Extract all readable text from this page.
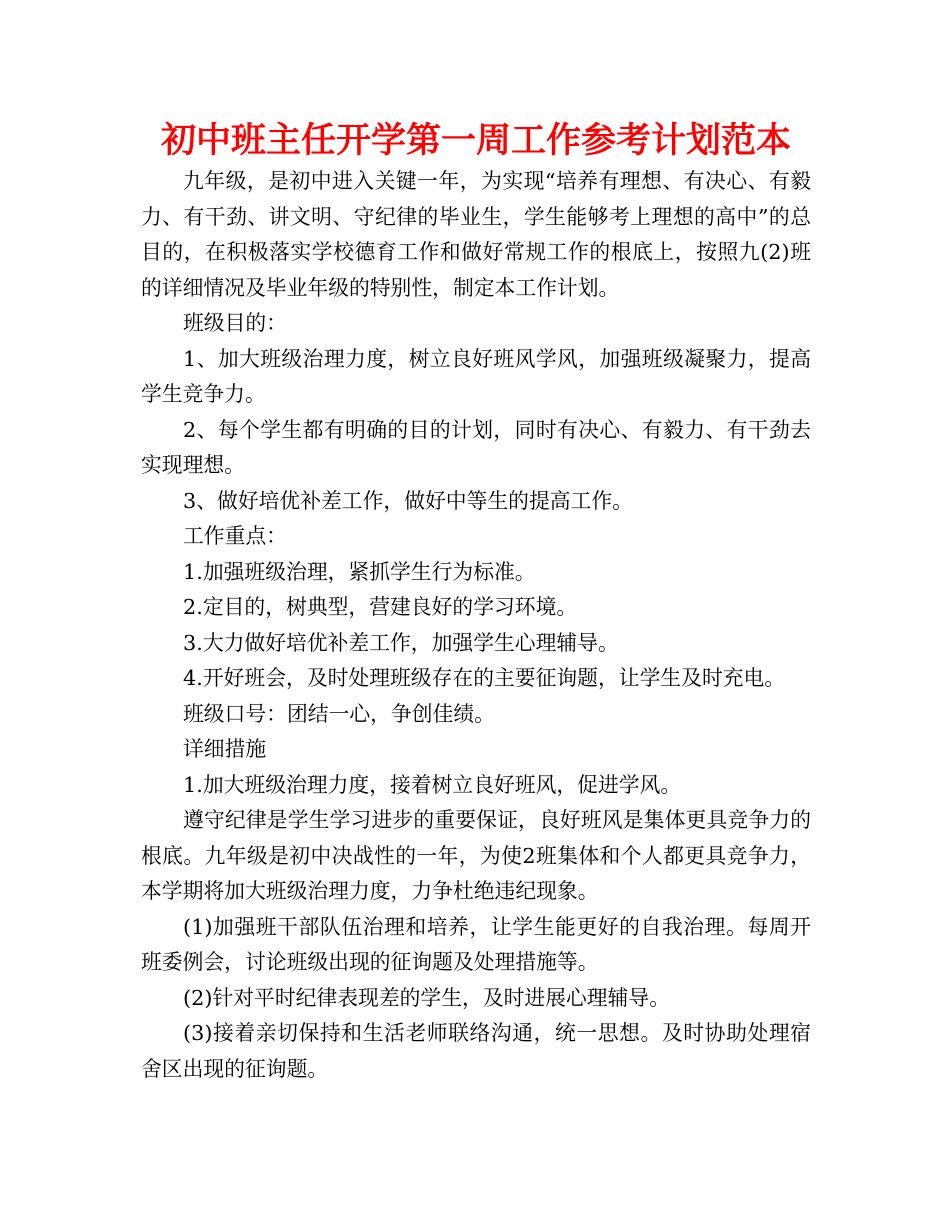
初中班主任开学第一周工作参考计划范本

九年级，是初中进入关键一年，为实现“培养有理想、有决心、有毅力、有干劲、讲文明、守纪律的毕业生，学生能够考上理想的高中”的总目的，在积极落实学校德育工作和做好常规工作的根底上，按照九(2)班的详细情况及毕业年级的特别性，制定本工作计划。

班级目的：

1、加大班级治理力度，树立良好班风学风，加强班级凝聚力，提高学生竞争力。

2、每个学生都有明确的目的计划，同时有决心、有毅力、有干劲去实现理想。

3、做好培优补差工作，做好中等生的提高工作。

工作重点：

1.加强班级治理，紧抓学生行为标准。

2.定目的，树典型，营建良好的学习环境。

3.大力做好培优补差工作，加强学生心理辅导。

4.开好班会，及时处理班级存在的主要征询题，让学生及时充电。

班级口号：团结一心，争创佳绩。

详细措施

1.加大班级治理力度，接着树立良好班风，促进学风。

遵守纪律是学生学习进步的重要保证，良好班风是集体更具竞争力的根底。九年级是初中决战性的一年，为使2班集体和个人都更具竞争力，本学期将加大班级治理力度，力争杜绝违纪现象。

(1)加强班干部队伍治理和培养，让学生能更好的自我治理。每周开班委例会，讨论班级出现的征询题及处理措施等。

(2)针对平时纪律表现差的学生，及时进展心理辅导。

(3)接着亲切保持和生活老师联络沟通，统一思想。及时协助处理宿舍区出现的征询题。
